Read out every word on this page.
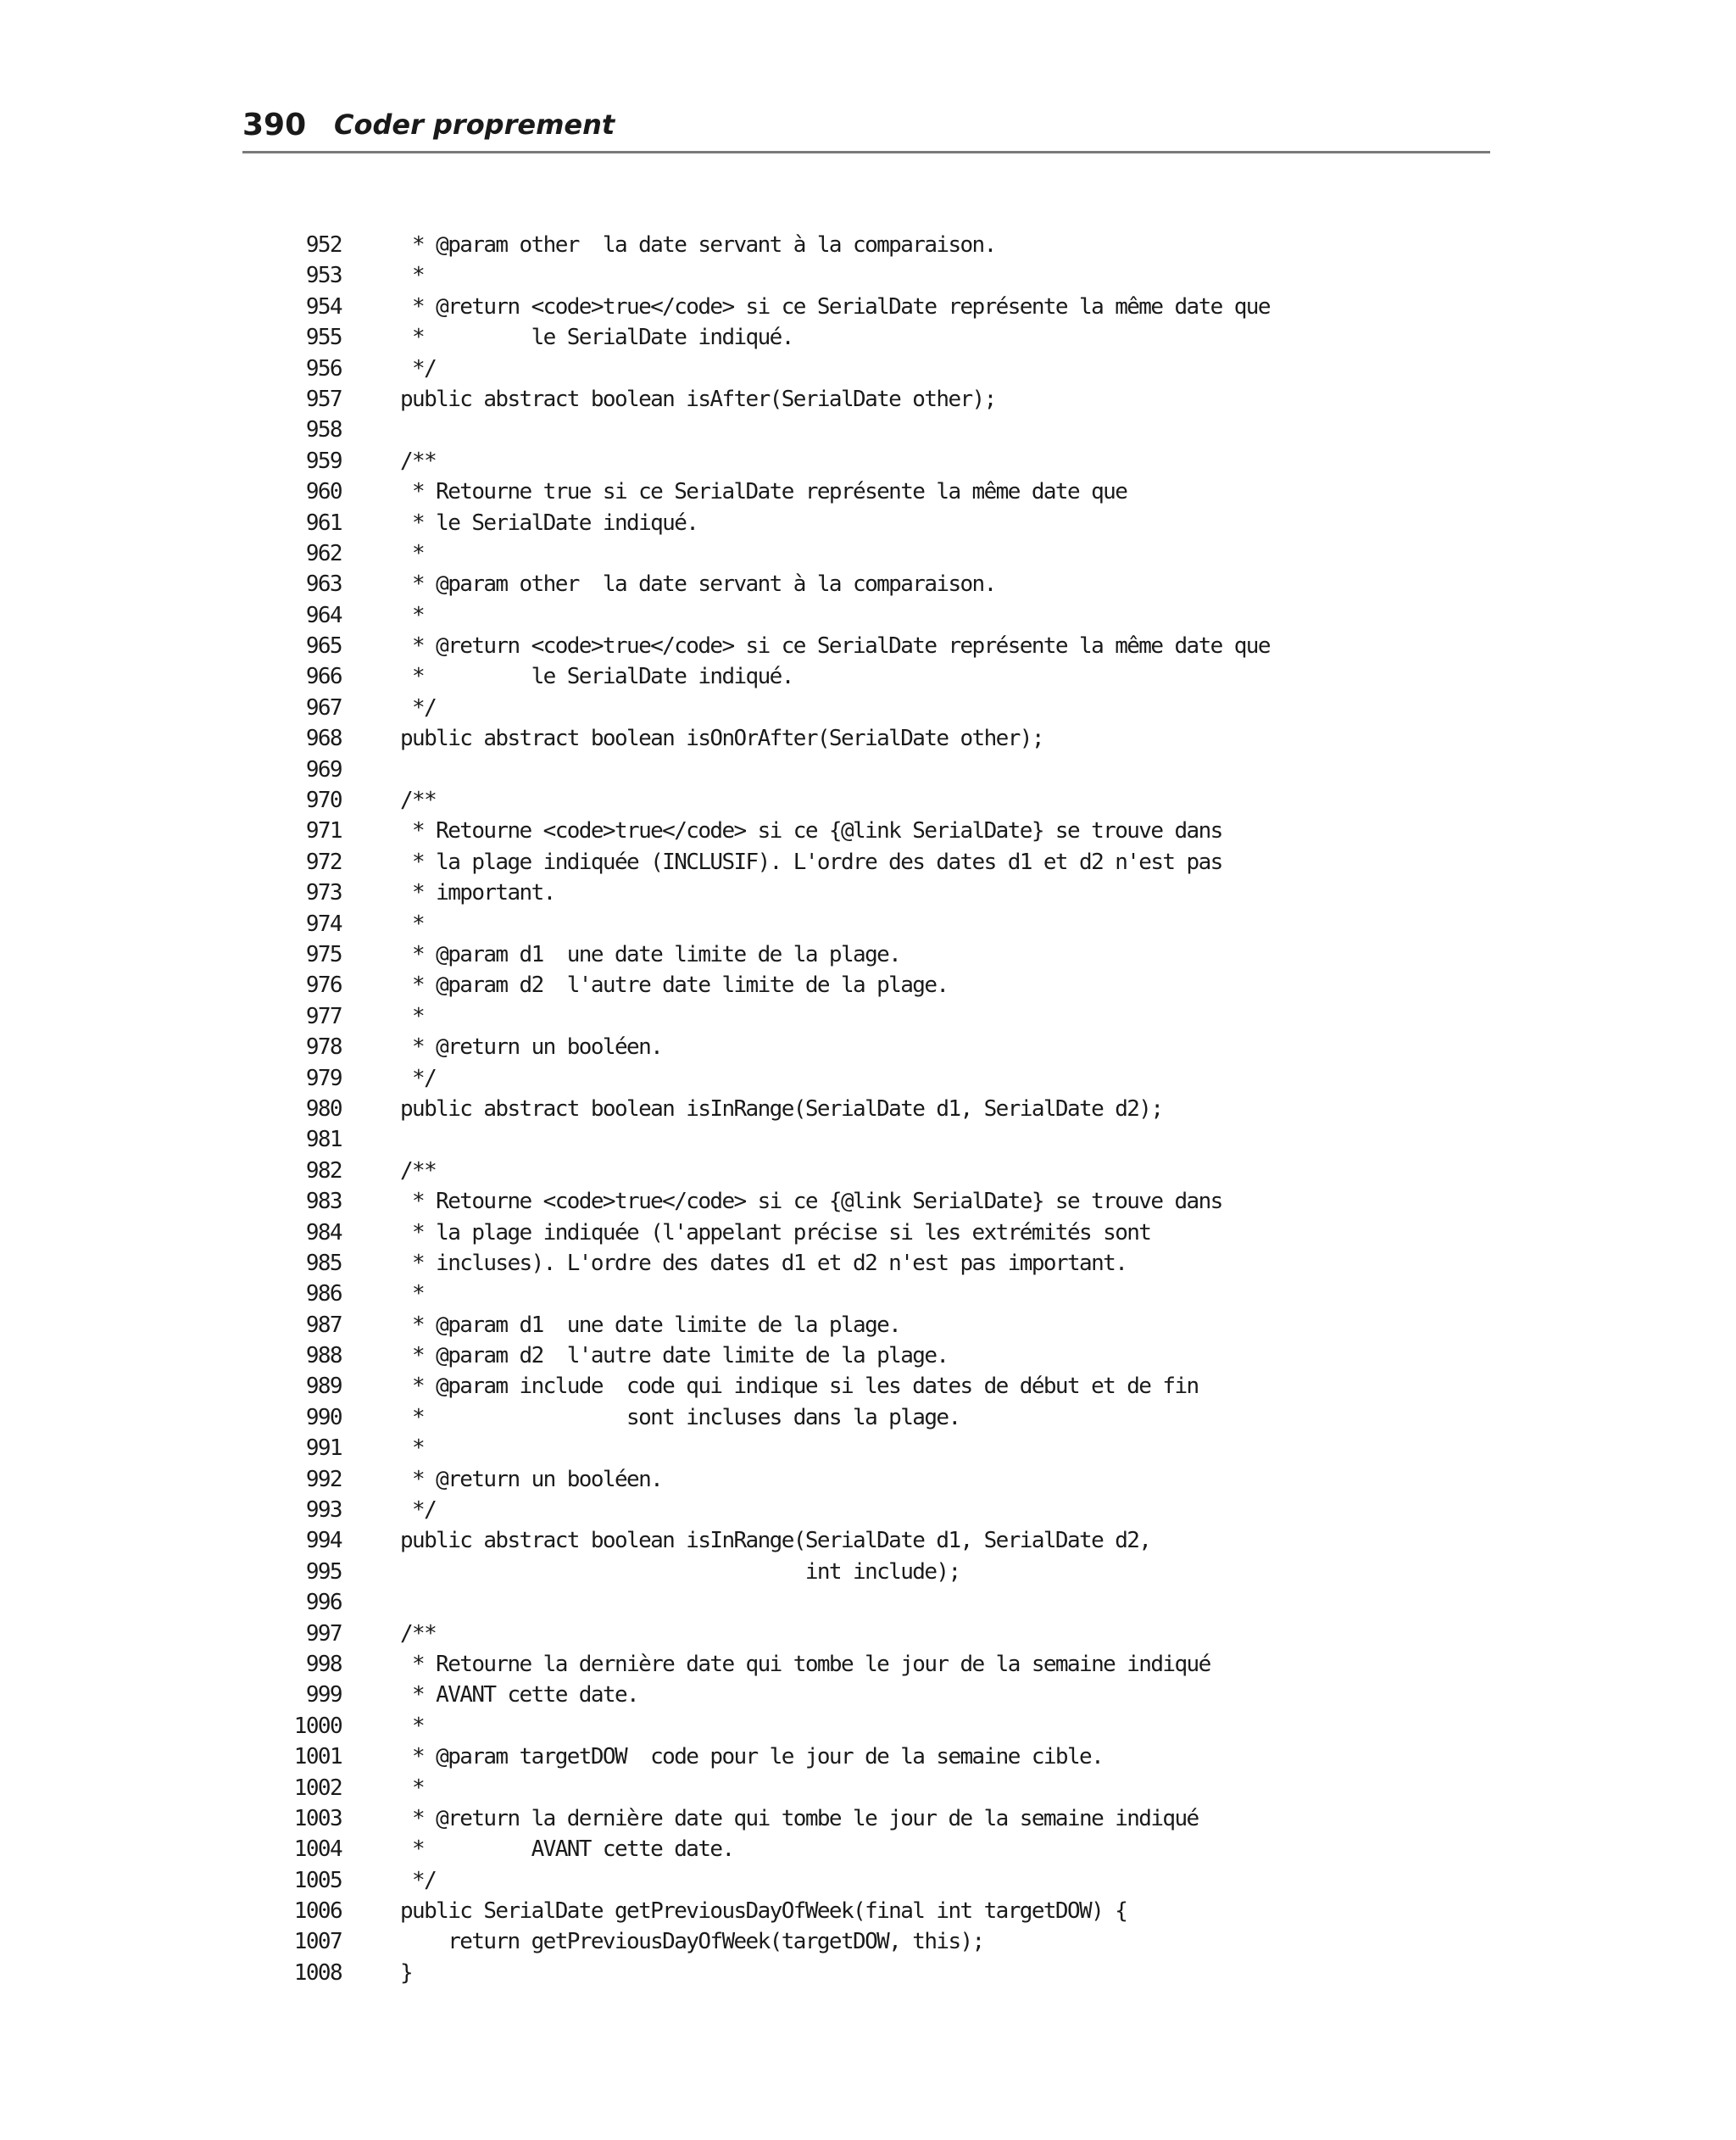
390	Coder proprement
952	* @param other  la date servant à la comparaison.
953	*
954	* @return <code>true</code> si ce SerialDate représente la même date que
955	*         le SerialDate indiqué.
956	*/
957	public abstract boolean isAfter(SerialDate other);
958
959	/**
960	* Retourne true si ce SerialDate représente la même date que
961	* le SerialDate indiqué.
962	*
963	* @param other  la date servant à la comparaison.
964	*
965	* @return <code>true</code> si ce SerialDate représente la même date que
966	*         le SerialDate indiqué.
967	*/
968	public abstract boolean isOnOrAfter(SerialDate other);
969
970	/**
971	* Retourne <code>true</code> si ce {@link SerialDate} se trouve dans
972	* la plage indiquée (INCLUSIF). L'ordre des dates d1 et d2 n'est pas
973	* important.
974	*
975	* @param d1  une date limite de la plage.
976	* @param d2  l'autre date limite de la plage.
977	*
978	* @return un booléen.
979	*/
980	public abstract boolean isInRange(SerialDate d1, SerialDate d2);
981
982	/**
983	* Retourne <code>true</code> si ce {@link SerialDate} se trouve dans
984	* la plage indiquée (l'appelant précise si les extrémités sont
985	* incluses). L'ordre des dates d1 et d2 n'est pas important.
986	*
987	* @param d1  une date limite de la plage.
988	* @param d2  l'autre date limite de la plage.
989	* @param include  code qui indique si les dates de début et de fin
990	*                 sont incluses dans la plage.
991	*
992	* @return un booléen.
993	*/
994	public abstract boolean isInRange(SerialDate d1, SerialDate d2,
995	int include);
996
997	/**
998	* Retourne la dernière date qui tombe le jour de la semaine indiqué
999	* AVANT cette date.
1000	*
1001	* @param targetDOW  code pour le jour de la semaine cible.
1002	*
1003	* @return la dernière date qui tombe le jour de la semaine indiqué
1004	*         AVANT cette date.
1005	*/
1006	public SerialDate getPreviousDayOfWeek(final int targetDOW) {
1007	return getPreviousDayOfWeek(targetDOW, this);
1008	}
